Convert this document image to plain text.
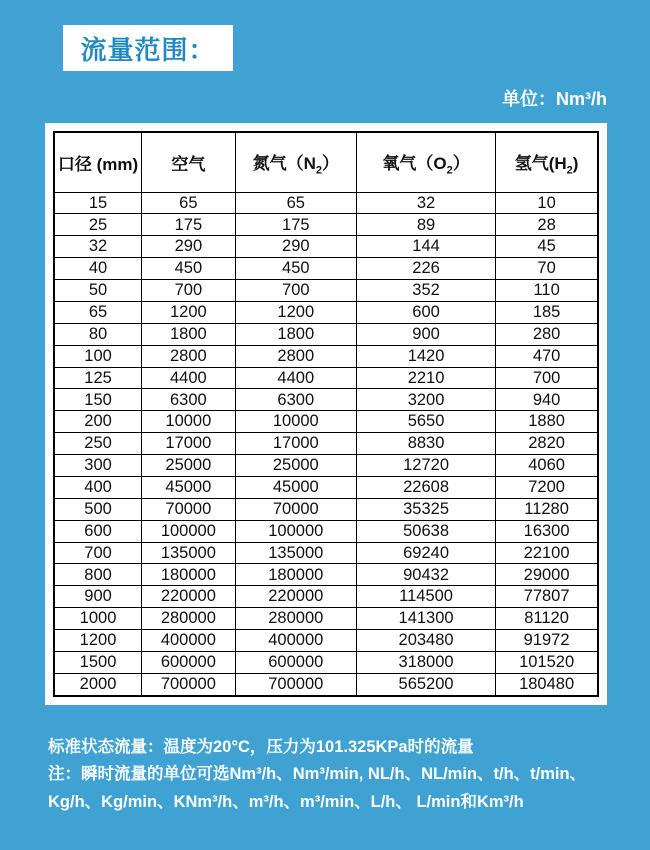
流量范围：
单位：Nm³/h
口径 (mm)	空气	氮气$(N_2)$	氧气$(O_2)$	氢气$(H_2)$
15	65	65	32	10
25	175	175	89	28
32	290	290	144	45
40	450	450	226	70
50	700	700	352	110
65	1200	1200	600	185
80	1800	1800	900	280
100	2800	2800	1420	470
125	4400	4400	2210	700
150	6300	6300	3200	940
200	10000	10000	5650	1880
250	17000	17000	8830	2820
300	25000	25000	12720	4060
400	45000	45000	22608	7200
500	70000	70000	35325	11280
600	100000	100000	50638	16300
700	135000	135000	69240	22100
800	180000	180000	90432	29000
900	220000	220000	114500	77807
1000	280000	280000	141300	81120
1200	400000	400000	203480	91972
1500	600000	600000	318000	101520
2000	700000	700000	565200	180480
标准状态流量：温度为20°C，压力为101.325KPa时的流量
注：瞬时流量的单位可选Nm³/h、Nm³/min, NL/h、NL/min、t/h、t/min、
Kg/h、Kg/min、KNm³/h、m³/h、m³/min、L/h、 L/min和Km³/h
